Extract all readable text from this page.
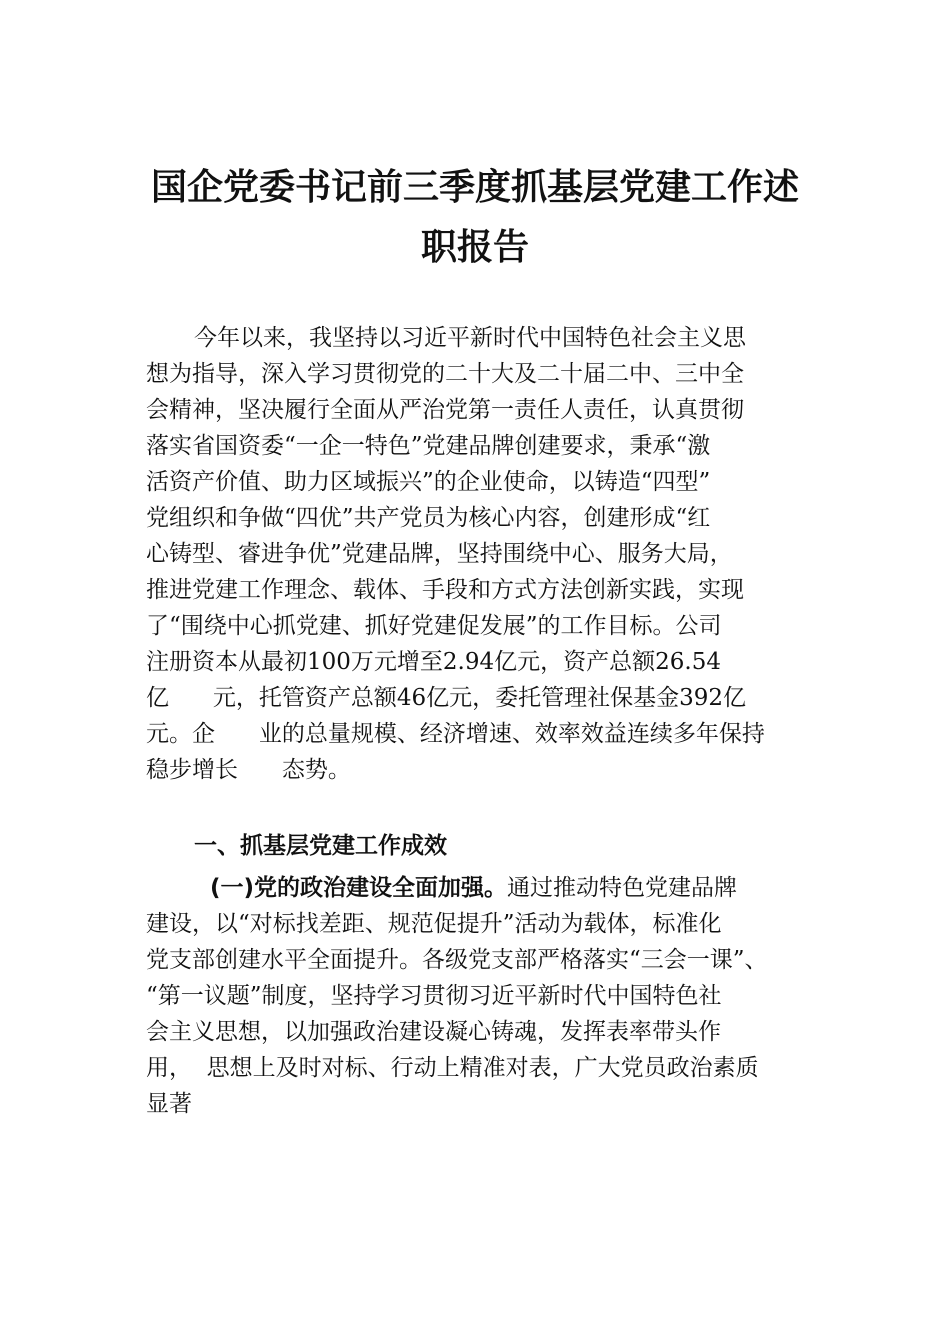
国企党委书记前三季度抓基层党建工作述
职报告
今年以来，我坚持以习近平新时代中国特色社会主义思
想为指导，深入学习贯彻党的二十大及二十届二中、三中全
会精神，坚决履行全面从严治党第一责任人责任，认真贯彻
落实省国资委“一企一特色”党建品牌创建要求，秉承“激
活资产价值、助力区域振兴”的企业使命，以铸造“四型”
党组织和争做“四优”共产党员为核心内容，创建形成“红
心铸型、睿进争优”党建品牌，坚持围绕中心、服务大局，
推进党建工作理念、载体、手段和方式方法创新实践，实现
了“围绕中心抓党建、抓好党建促发展”的工作目标。公司
注册资本从最初100万元增至2.94亿元，资产总额26.54
亿      元，托管资产总额46亿元，委托管理社保基金392亿
元。企      业的总量规模、经济增速、效率效益连续多年保持
稳步增长      态势。
一、抓基层党建工作成效
(一)党的政治建设全面加强。通过推动特色党建品牌
建设，以“对标找差距、规范促提升”活动为载体，标准化
党支部创建水平全面提升。各级党支部严格落实“三会一课”、
“第一议题”制度，坚持学习贯彻习近平新时代中国特色社
会主义思想，以加强政治建设凝心铸魂，发挥表率带头作
用，  思想上及时对标、行动上精准对表，广大党员政治素质
显著
